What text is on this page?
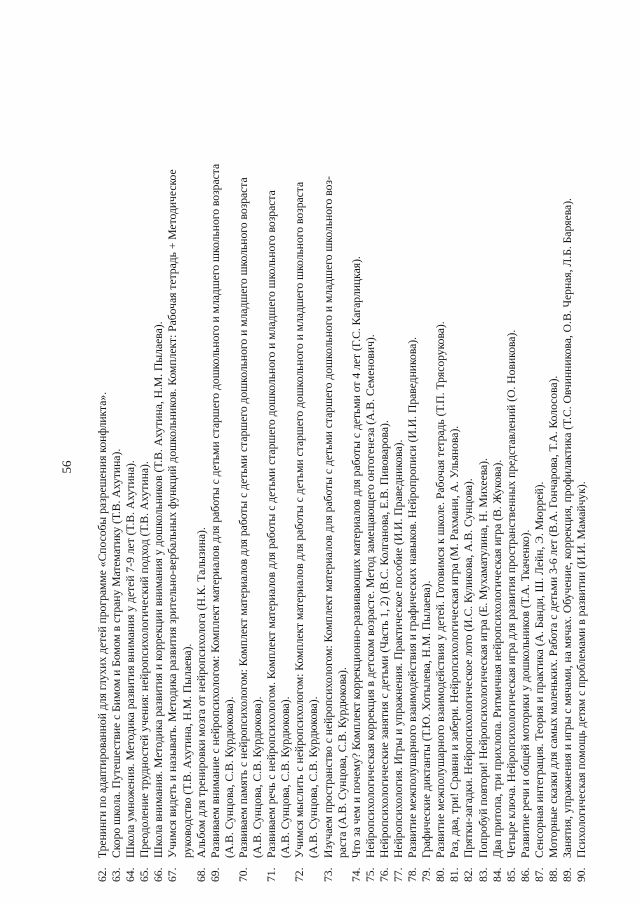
56
62.
Тренинги по адаптированной для глухих детей программе «Способы разрешения конфликта».
63.
Скоро школа. Путешествие с Бимом и Бомом в страну Математику (Т.В. Ахутина).
64.
Школа умножения. Методика развития внимания у детей 7-9 лет (Т.В. Ахутина).
65.
Преодоление трудностей учения: нейропсихологический подход (Т.В. Ахутина).
66.
Школа внимания. Методика развития и коррекции внимания у дошкольников (Т.В. Ахутина, Н.М. Пылаева).
67.
Учимся видеть и называть. Методика развития зрительно-вербальных функций дошкольников. Комплект: Рабочая тетрадь + Методическое руководство (Т.В. Ахутина, Н.М. Пылаева).
68.
Альбом для тренировки мозга от нейропсихолога (Н.К. Талызина).
69.
Развиваем внимание с нейропсихологом: Комплект материалов для работы с детьми старшего дошкольного и младшего школьного возраста (А.В. Сунцова, С.В. Курдюкова).
70.
Развиваем память с нейропсихологом: Комплект материалов для работы с детьми старшего дошкольного и младшего школьного возраста (А.В. Сунцова, С.В. Курдюкова).
71.
Развиваем речь с нейропсихологом. Комплект материалов для работы с детьми старшего дошкольного и младшего школьного возраста (А.В. Сунцова, С.В. Курдюкова).
72.
Учимся мыслить с нейропсихологом: Комплект материалов для работы с детьми старшего дошкольного и младшего школьного возраста (А.В. Сунцова, С.В. Курдюкова).
73.
Изучаем пространство с нейропсихологом: Комплект материалов для работы с детьми старшего дошкольного и младшего школьного воз- раста (А.В. Сунцова, С.В. Курдюкова).
74.
Что за чем и почему? Комплект коррекционно-развивающих материалов для работы с детьми от 4 лет (Г.С. Кагарлицкая).
75.
Нейропсихологическая коррекция в детском возрасте. Метод замещающего онтогенеза (А.В. Семенович).
76.
Нейропсихологические занятия с детьми (Часть 1, 2) (В.С. Колганова, Е.В. Пивоварова).
77.
Нейропсихология. Игры и упражнения. Практическое пособие (И.И. Праведникова).
78.
Развитие межполушарного взаимодействия и графических навыков. Нейропрописи (И.И. Праведникова).
79.
Графические диктанты (Т.Ю. Хотылева, Н.М. Пылаева).
80.
Развитие межполушарного взаимодействия у детей. Готовимся к школе. Рабочая тетрадь (Т.П. Трясорукова).
81.
Раз, два, три! Сравни и забери. Нейропсихологическая игра (М. Рахмани, А. Ульянова).
82.
Прятки-загадки. Нейропсихологическое лото (И.С. Куликова, А.В. Сунцова).
83.
Попробуй повтори! Нейропсихологическая игра (Е. Мухаматулина, Н. Михеева).
84.
Два притопа, три прихлопа. Ритмичная нейропсихологическая игра (В. Жукова).
85.
Четыре ключа. Нейропсихологическая игра для развития пространственных представлений (О. Новикова).
86.
Развитие речи и общей моторики у дошкольников (Т.А. Ткаченко).
87.
Сенсорная интеграция. Теория и практика (А. Банди, Ш. Лейн, Э. Мюррей).
88.
Моторные сказки для самых маленьких. Работа с детьми 3-6 лет (В.А. Гончарова, Т.А. Колосова).
89.
Занятия, упражнения и игры с мячами, на мячах. Обучение, коррекция, профилактика (Т.С. Овчинникова, О.В. Черная, Л.Б. Баряева).
90.
Психологическая помощь детям с проблемами в развитии (И.И. Мамайчук).
